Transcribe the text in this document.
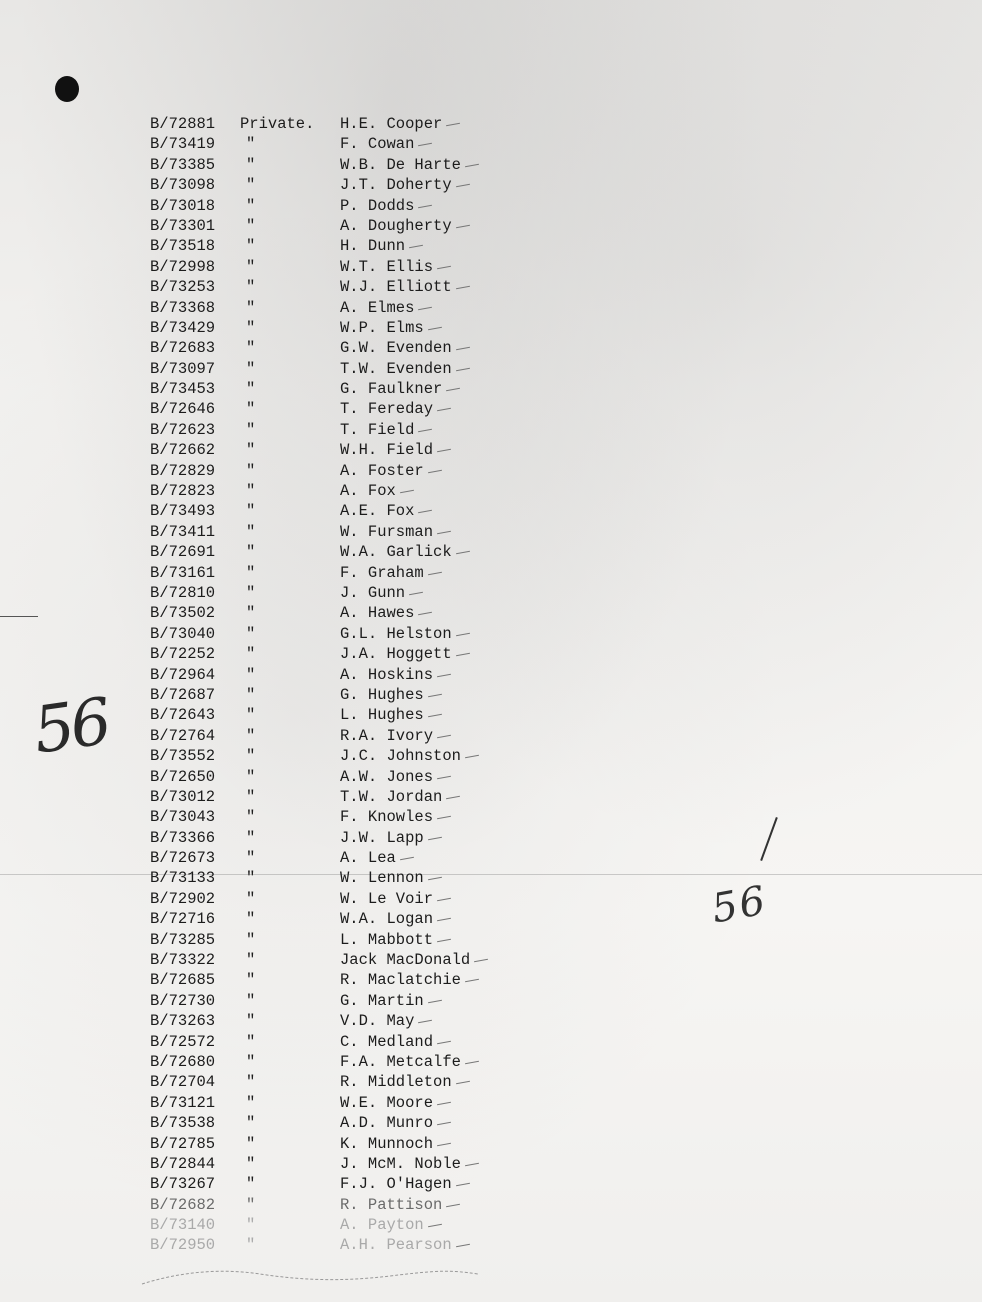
56
56
B/72881	Private.	H.E. Cooper
B/73419	"	F. Cowan
B/73385	"	W.B. De Harte
B/73098	"	J.T. Doherty
B/73018	"	P. Dodds
B/73301	"	A. Dougherty
B/73518	"	H. Dunn
B/72998	"	W.T. Ellis
B/73253	"	W.J. Elliott
B/73368	"	A. Elmes
B/73429	"	W.P. Elms
B/72683	"	G.W. Evenden
B/73097	"	T.W. Evenden
B/73453	"	G. Faulkner
B/72646	"	T. Fereday
B/72623	"	T. Field
B/72662	"	W.H. Field
B/72829	"	A. Foster
B/72823	"	A. Fox
B/73493	"	A.E. Fox
B/73411	"	W. Fursman
B/72691	"	W.A. Garlick
B/73161	"	F. Graham
B/72810	"	J. Gunn
B/73502	"	A. Hawes
B/73040	"	G.L. Helston
B/72252	"	J.A. Hoggett
B/72964	"	A. Hoskins
B/72687	"	G. Hughes
B/72643	"	L. Hughes
B/72764	"	R.A. Ivory
B/73552	"	J.C. Johnston
B/72650	"	A.W. Jones
B/73012	"	T.W. Jordan
B/73043	"	F. Knowles
B/73366	"	J.W. Lapp
B/72673	"	A. Lea
B/73133	"	W. Lennon
B/72902	"	W. Le Voir
B/72716	"	W.A. Logan
B/73285	"	L. Mabbott
B/73322	"	Jack MacDonald
B/72685	"	R. Maclatchie
B/72730	"	G. Martin
B/73263	"	V.D. May
B/72572	"	C. Medland
B/72680	"	F.A. Metcalfe
B/72704	"	R. Middleton
B/73121	"	W.E. Moore
B/73538	"	A.D. Munro
B/72785	"	K. Munnoch
B/72844	"	J. McM. Noble
B/73267	"	F.J. O'Hagen
B/72682	"	R. Pattison
B/73140	"	A. Payton
B/72950	"	A.H. Pearson
